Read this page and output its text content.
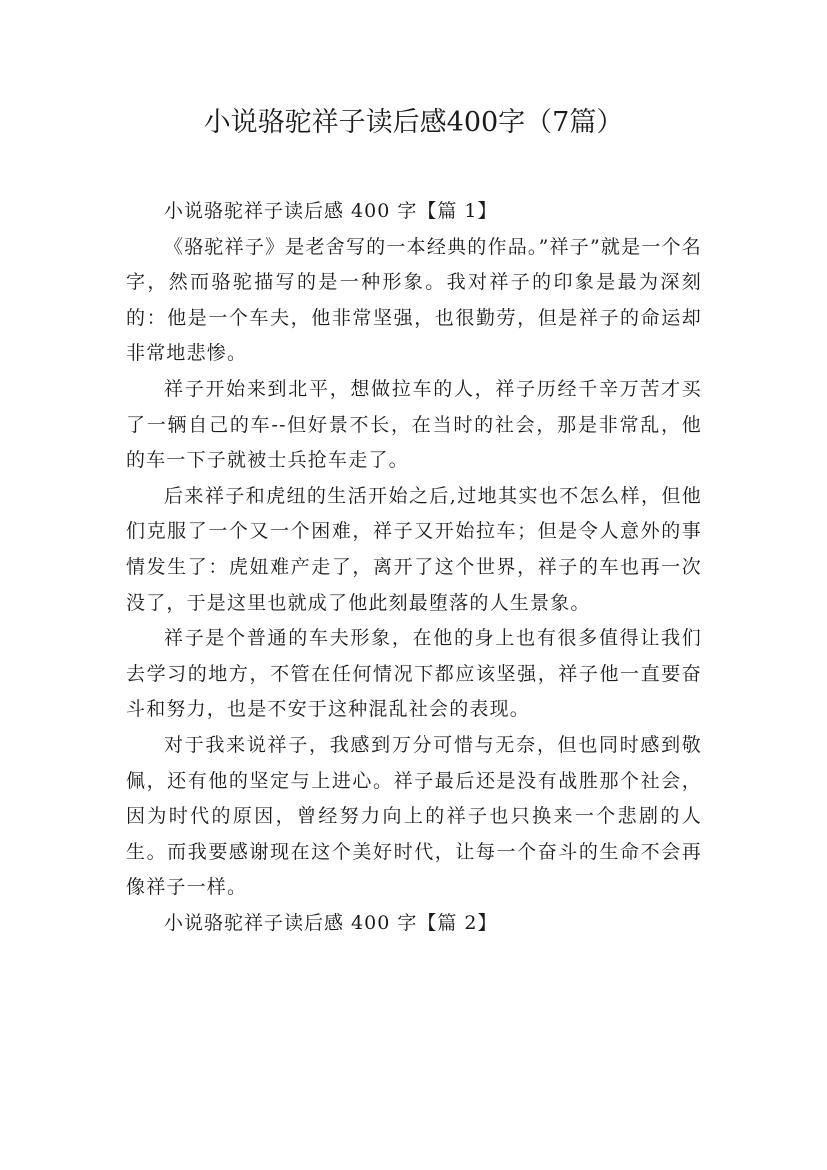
小说骆驼祥子读后感400字（7篇）

小说骆驼祥子读后感 400 字【篇 1】

《骆驼祥子》是老舍写的一本经典的作品。”祥子”就是一个名字，然而骆驼描写的是一种形象。我对祥子的印象是最为深刻的：他是一个车夫，他非常坚强，也很勤劳，但是祥子的命运却非常地悲惨。

祥子开始来到北平，想做拉车的人，祥子历经千辛万苦才买了一辆自己的车--但好景不长，在当时的社会，那是非常乱，他的车一下子就被士兵抢车走了。

后来祥子和虎纽的生活开始之后,过地其实也不怎么样，但他们克服了一个又一个困难，祥子又开始拉车；但是令人意外的事情发生了：虎妞难产走了，离开了这个世界，祥子的车也再一次没了，于是这里也就成了他此刻最堕落的人生景象。

祥子是个普通的车夫形象，在他的身上也有很多值得让我们去学习的地方，不管在任何情况下都应该坚强，祥子他一直要奋斗和努力，也是不安于这种混乱社会的表现。

对于我来说祥子，我感到万分可惜与无奈，但也同时感到敬佩，还有他的坚定与上进心。祥子最后还是没有战胜那个社会，因为时代的原因，曾经努力向上的祥子也只换来一个悲剧的人生。而我要感谢现在这个美好时代，让每一个奋斗的生命不会再像祥子一样。

小说骆驼祥子读后感 400 字【篇 2】
